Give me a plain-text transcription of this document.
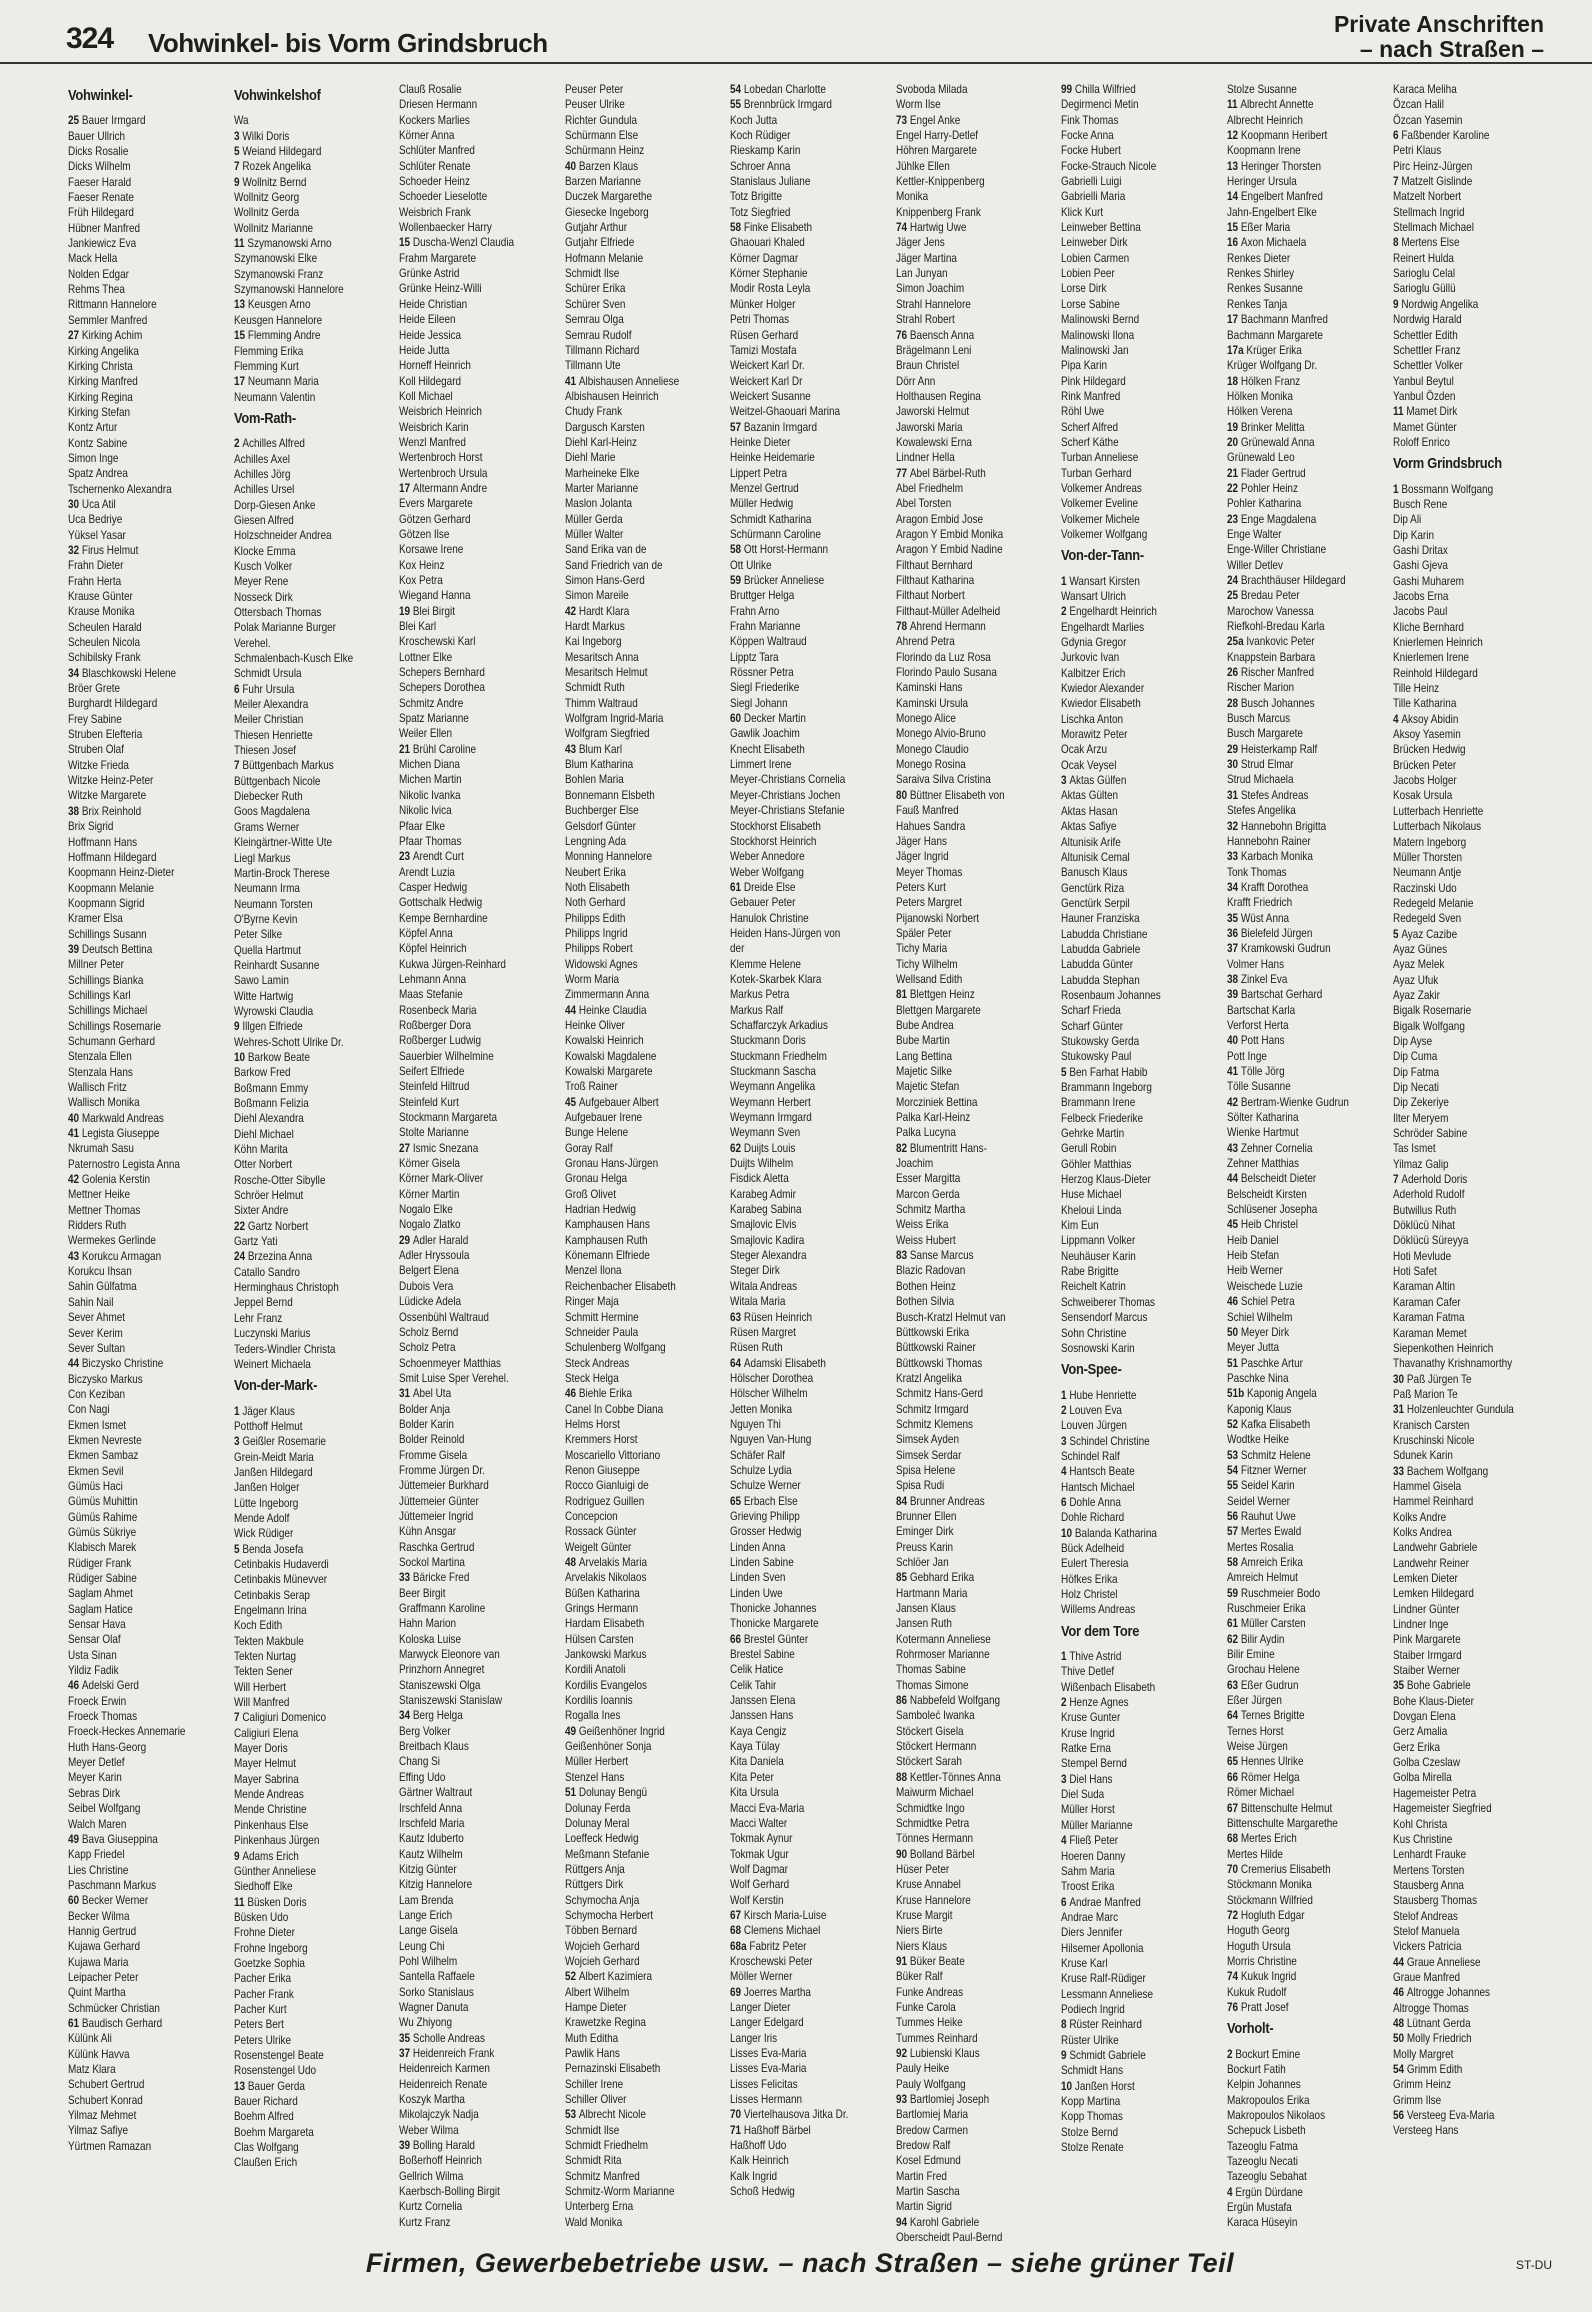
324 Vohwinkel- bis Vorm Grindsbruch
Private Anschriften
– nach Straßen –
Vohwinkel-
25 Bauer Irmgard
Bauer Ullrich
Dicks Rosalie
Dicks Wilhelm
Faeser Harald
Faeser Renate
Früh Hildegard
Hübner Manfred
Jankiewicz Eva
Mack Hella
Nolden Edgar
Rehms Thea
Rittmann Hannelore
Semmler Manfred
27 Kirking Achim
Kirking Angelika
Kirking Christa
Kirking Manfred
Kirking Regina
Kirking Stefan
Kontz Artur
Kontz Sabine
Simon Inge
Spatz Andrea
Tschernenko Alexandra
30 Uca Atil
Uca Bedriye
Yüksel Yasar
32 Firus Helmut
Frahn Dieter
Frahn Herta
Krause Günter
Krause Monika
Scheulen Harald
Scheulen Nicola
Schibilsky Frank
34 Blaschkowski Helene
Bröer Grete
Burghardt Hildegard
Frey Sabine
Struben Elefteria
Struben Olaf
Witzke Frieda
Witzke Heinz-Peter
Witzke Margarete
38 Brix Reinhold
Brix Sigrid
Hoffmann Hans
Hoffmann Hildegard
Koopmann Heinz-Dieter
Koopmann Melanie
Koopmann Sigrid
Kramer Elsa
Schillings Susann
39 Deutsch Bettina
Millner Peter
Schillings Bianka
Schillings Karl
Schillings Michael
Schillings Rosemarie
Schumann Gerhard
Stenzala Ellen
Stenzala Hans
Wallisch Fritz
Wallisch Monika
40 Markwald Andreas
41 Legista Giuseppe
Nkrumah Sasu
Paternostro Legista Anna
42 Golenia Kerstin
Mettner Heike
Mettner Thomas
Ridders Ruth
Wermekes Gerlinde
43 Korukcu Armagan
Korukcu Ihsan
Sahin Gülfatma
Sahin Nail
Sever Ahmet
Sever Kerim
Sever Sultan
44 Biczysko Christine
Biczysko Markus
Con Keziban
Con Nagi
Ekmen Ismet
Ekmen Nevreste
Ekmen Sambaz
Ekmen Sevil
Gümüs Haci
Gümüs Muhittin
Gümüs Rahime
Gümüs Sükriye
Klabisch Marek
Rüdiger Frank
Rüdiger Sabine
Saglam Ahmet
Saglam Hatice
Sensar Hava
Sensar Olaf
Usta Sinan
Yildiz Fadik
46 Adelski Gerd
Froeck Erwin
Froeck Thomas
Froeck-Heckes Annemarie
Huth Hans-Georg
Meyer Detlef
Meyer Karin
Sebras Dirk
Seibel Wolfgang
Walch Maren
49 Bava Giuseppina
Kapp Friedel
Lies Christine
Paschmann Markus
60 Becker Werner
Becker Wilma
Hannig Gertrud
Kujawa Gerhard
Kujawa Maria
Leipacher Peter
Quint Martha
Schmücker Christian
61 Baudisch Gerhard
Külünk Ali
Külünk Havva
Matz Klara
Schubert Gertrud
Schubert Konrad
Yilmaz Mehmet
Yilmaz Safiye
Yürtmen Ramazan
Vohwinkelshof
Wa
3 Wilki Doris
5 Weiand Hildegard
7 Rozek Angelika
9 Wollnitz Bernd
Wollnitz Georg
Wollnitz Gerda
Wollnitz Marianne
11 Szymanowski Arno
Szymanowski Elke
Szymanowski Franz
Szymanowski Hannelore
13 Keusgen Arno
Keusgen Hannelore
15 Flemming Andre
Flemming Erika
Flemming Kurt
17 Neumann Maria
Neumann Valentin
Vom-Rath-
2 Achilles Alfred
Achilles Axel
Achilles Jörg
Achilles Ursel
Dorp-Giesen Anke
Giesen Alfred
Holzschneider Andrea
Klocke Emma
Kusch Volker
Meyer Rene
Nosseck Dirk
Ottersbach Thomas
Polak Marianne Burger
Verehel.
Schmalenbach-Kusch Elke
Schmidt Ursula
6 Fuhr Ursula
Meiler Alexandra
Meiler Christian
Thiesen Henriette
Thiesen Josef
7 Büttgenbach Markus
Büttgenbach Nicole
Diebecker Ruth
Goos Magdalena
Grams Werner
Kleingärtner-Witte Ute
Liegl Markus
Martin-Brock Therese
Neumann Irma
Neumann Torsten
O'Byrne Kevin
Peter Silke
Quella Hartmut
Reinhardt Susanne
Sawo Lamin
Witte Hartwig
Wyrowski Claudia
9 Illgen Elfriede
Wehres-Schott Ulrike Dr.
10 Barkow Beate
Barkow Fred
Boßmann Emmy
Boßmann Felizia
Diehl Alexandra
Diehl Michael
Köhn Marita
Otter Norbert
Rosche-Otter Sibylle
Schröer Helmut
Sixter Andre
22 Gartz Norbert
Gartz Yati
24 Brzezina Anna
Catallo Sandro
Herminghaus Christoph
Jeppel Bernd
Lehr Franz
Luczynski Marius
Teders-Windler Christa
Weinert Michaela
Von-der-Mark-
1 Jäger Klaus
Potthoff Helmut
3 Geißler Rosemarie
Grein-Meidt Maria
Janßen Hildegard
Janßen Holger
Lütte Ingeborg
Mende Adolf
Wick Rüdiger
5 Benda Josefa
Cetinbakis Hudaverdi
Cetinbakis Münevver
Cetinbakis Serap
Engelmann Irina
Koch Edith
Tekten Makbule
Tekten Nurtag
Tekten Sener
Will Herbert
Will Manfred
7 Caligiuri Domenico
Caligiuri Elena
Mayer Doris
Mayer Helmut
Mayer Sabrina
Mende Andreas
Mende Christine
Pinkenhaus Else
Pinkenhaus Jürgen
9 Adams Erich
Günther Anneliese
Siedhoff Elke
11 Büsken Doris
Büsken Udo
Frohne Dieter
Frohne Ingeborg
Goetzke Sophia
Pacher Erika
Pacher Frank
Pacher Kurt
Peters Bert
Peters Ulrike
Rosenstengel Beate
Rosenstengel Udo
13 Bauer Gerda
Bauer Richard
Boehm Alfred
Boehm Margareta
Clas Wolfgang
Claußen Erich
Clauß Rosalie
Driesen Hermann
Kockers Marlies
Körner Anna
Schlüter Manfred
Schlüter Renate
Schoeder Heinz
Schoeder Lieselotte
Weisbrich Frank
Wollenbaecker Harry
15 Duscha-Wenzl Claudia
Frahm Margarete
Grünke Astrid
Grünke Heinz-Willi
Heide Christian
Heide Eileen
Heide Jessica
Heide Jutta
Horneff Heinrich
Koll Hildegard
Koll Michael
Weisbrich Heinrich
Weisbrich Karin
Wenzl Manfred
Wertenbroch Horst
Wertenbroch Ursula
17 Altermann Andre
Evers Margarete
Götzen Gerhard
Götzen Ilse
Korsawe Irene
Kox Heinz
Kox Petra
Wiegand Hanna
19 Blei Birgit
Blei Karl
Kroschewski Karl
Lottner Elke
Schepers Bernhard
Schepers Dorothea
Schmitz Andre
Spatz Marianne
Weiler Ellen
21 Brühl Caroline
Michen Diana
Michen Martin
Nikolic Ivanka
Nikolic Ivica
Pfaar Elke
Pfaar Thomas
23 Arendt Curt
Arendt Luzia
Casper Hedwig
Gottschalk Hedwig
Kempe Bernhardine
Köpfel Anna
Köpfel Heinrich
Kukwa Jürgen-Reinhard
Lehmann Anna
Maas Stefanie
Rosenbeck Maria
Roßberger Dora
Roßberger Ludwig
Sauerbier Wilhelmine
Seifert Elfriede
Steinfeld Hiltrud
Steinfeld Kurt
Stockmann Margareta
Stolte Marianne
27 Ismic Snezana
Körner Gisela
Körner Mark-Oliver
Körner Martin
Nogalo Elke
Nogalo Zlatko
29 Adler Harald
Adler Hryssoula
Belgert Elena
Dubois Vera
Lüdicke Adela
Ossenbühl Waltraud
Scholz Bernd
Scholz Petra
Schoenmeyer Matthias
Smit Luise Sper Verehel.
31 Abel Uta
Bolder Anja
Bolder Karin
Bolder Reinold
Fromme Gisela
Fromme Jürgen Dr.
Jüttemeier Burkhard
Jüttemeier Günter
Jüttemeier Ingrid
Kühn Ansgar
Raschka Gertrud
Sockol Martina
33 Bäricke Fred
Beer Birgit
Graffmann Karoline
Hahn Marion
Koloska Luise
Marwyck Eleonore van
Prinzhorn Annegret
Staniszewski Olga
Staniszewski Stanislaw
34 Berg Helga
Berg Volker
Breitbach Klaus
Chang Si
Effing Udo
Gärtner Waltraut
Irschfeld Anna
Irschfeld Maria
Kautz Iduberto
Kautz Wilhelm
Kitzig Günter
Kitzig Hannelore
Lam Brenda
Lange Erich
Lange Gisela
Leung Chi
Pohl Wilhelm
Santella Raffaele
Sorko Stanislaus
Wagner Danuta
Wu Zhiyong
35 Scholle Andreas
37 Heidenreich Frank
Heidenreich Karmen
Heidenreich Renate
Koszyk Martha
Mikolajczyk Nadja
Weber Wilma
39 Bolling Harald
Boßerhoff Heinrich
Gellrich Wilma
Kaerbsch-Bolling Birgit
Kurtz Cornelia
Kurtz Franz
Peuser Peter
Peuser Ulrike
Richter Gundula
Schürmann Else
Schürmann Heinz
40 Barzen Klaus
Barzen Marianne
Duczek Margarethe
Giesecke Ingeborg
Gutjahr Arthur
Gutjahr Elfriede
Hofmann Melanie
Schmidt Ilse
Schürer Erika
Schürer Sven
Semrau Olga
Semrau Rudolf
Tillmann Richard
Tillmann Ute
41 Albishausen Anneliese
Albishausen Heinrich
Chudy Frank
Dargusch Karsten
Diehl Karl-Heinz
Diehl Marie
Marheineke Elke
Marter Marianne
Maslon Jolanta
Müller Gerda
Müller Walter
Sand Erika van de
Sand Friedrich van de
Simon Hans-Gerd
Simon Mareile
42 Hardt Klara
Hardt Markus
Kai Ingeborg
Mesaritsch Anna
Mesaritsch Helmut
Schmidt Ruth
Thimm Waltraud
Wolfgram Ingrid-Maria
Wolfgram Siegfried
43 Blum Karl
Blum Katharina
Bohlen Maria
Bonnemann Elsbeth
Buchberger Else
Gelsdorf Günter
Lengning Ada
Monning Hannelore
Neubert Erika
Noth Elisabeth
Noth Gerhard
Philipps Edith
Philipps Ingrid
Philipps Robert
Widowski Agnes
Worm Maria
Zimmermann Anna
44 Heinke Claudia
Heinke Oliver
Kowalski Heinrich
Kowalski Magdalene
Kowalski Margarete
Troß Rainer
45 Aufgebauer Albert
Aufgebauer Irene
Bunge Helene
Goray Ralf
Gronau Hans-Jürgen
Gronau Helga
Groß Olivet
Hadrian Hedwig
Kamphausen Hans
Kamphausen Ruth
Könemann Elfriede
Menzel Ilona
Reichenbacher Elisabeth
Ringer Maja
Schmitt Hermine
Schneider Paula
Schulenberg Wolfgang
Steck Andreas
Steck Helga
46 Biehle Erika
Canel In Cobbe Diana
Helms Horst
Kremmers Horst
Moscariello Vittoriano
Renon Giuseppe
Rocco Gianluigi de
Rodriguez Guillen
Concepcion
Rossack Günter
Weigelt Günter
48 Arvelakis Maria
Arvelakis Nikolaos
Büßen Katharina
Grings Hermann
Hardam Elisabeth
Hülsen Carsten
Jankowski Markus
Kordili Anatoli
Kordilis Evangelos
Kordilis Ioannis
Rogalla Ines
49 Geißenhöner Ingrid
Geißenhöner Sonja
Müller Herbert
Stenzel Hans
51 Dolunay Bengü
Dolunay Ferda
Dolunay Meral
Loeffeck Hedwig
Meßmann Stefanie
Rüttgers Anja
Rüttgers Dirk
Schymocha Anja
Schymocha Herbert
Többen Bernard
Wojcieh Gerhard
Wojcieh Gerhard
52 Albert Kazimiera
Albert Wilhelm
Hampe Dieter
Krawetzke Regina
Muth Editha
Pawlik Hans
Pernazinski Elisabeth
Schiller Irene
Schiller Oliver
53 Albrecht Nicole
Schmidt Ilse
Schmidt Friedhelm
Schmidt Rita
Schmitz Manfred
Schmitz-Worm Marianne
Unterberg Erna
Wald Monika
54 Lobedan Charlotte
55 Brennbrück Irmgard
Koch Jutta
Koch Rüdiger
Rieskamp Karin
Schroer Anna
Stanislaus Juliane
Totz Brigitte
Totz Siegfried
58 Finke Elisabeth
Ghaouari Khaled
Körner Dagmar
Körner Stephanie
Modir Rosta Leyla
Münker Holger
Petri Thomas
Rüsen Gerhard
Tamizi Mostafa
Weickert Karl Dr.
Weickert Karl Dr
Weickert Susanne
Weitzel-Ghaouari Marina
57 Bazanin Irmgard
Heinke Dieter
Heinke Heidemarie
Lippert Petra
Menzel Gertrud
Müller Hedwig
Schmidt Katharina
Schürmann Caroline
58 Ott Horst-Hermann
Ott Ulrike
59 Brücker Anneliese
Bruttger Helga
Frahn Arno
Frahn Marianne
Köppen Waltraud
Lipptz Tara
Rössner Petra
Siegl Friederike
Siegl Johann
60 Decker Martin
Gawlik Joachim
Knecht Elisabeth
Limmert Irene
Meyer-Christians Cornelia
Meyer-Christians Jochen
Meyer-Christians Stefanie
Stockhorst Elisabeth
Stockhorst Heinrich
Weber Annedore
Weber Wolfgang
61 Dreide Else
Gebauer Peter
Hanulok Christine
Heiden Hans-Jürgen von
der
Klemme Helene
Kotek-Skarbek Klara
Markus Petra
Markus Ralf
Schaffarczyk Arkadius
Stuckmann Doris
Stuckmann Friedhelm
Stuckmann Sascha
Weymann Angelika
Weymann Herbert
Weymann Irmgard
Weymann Sven
62 Duijts Louis
Duijts Wilhelm
Fisdick Aletta
Karabeg Admir
Karabeg Sabina
Smajlovic Elvis
Smajlovic Kadira
Steger Alexandra
Steger Dirk
Witala Andreas
Witala Maria
63 Rüsen Heinrich
Rüsen Margret
Rüsen Ruth
64 Adamski Elisabeth
Hölscher Dorothea
Hölscher Wilhelm
Jetten Monika
Nguyen Thi
Nguyen Van-Hung
Schäfer Ralf
Schulze Lydia
Schulze Werner
65 Erbach Else
Grieving Philipp
Grosser Hedwig
Linden Anna
Linden Sabine
Linden Sven
Linden Uwe
Thonicke Johannes
Thonicke Margarete
66 Brestel Günter
Brestel Sabine
Celik Hatice
Celik Tahir
Janssen Elena
Janssen Hans
Kaya Cengiz
Kaya Tülay
Kita Daniela
Kita Peter
Kita Ursula
Macci Eva-Maria
Macci Walter
Tokmak Aynur
Tokmak Ugur
Wolf Dagmar
Wolf Gerhard
Wolf Kerstin
67 Kirsch Maria-Luise
68 Clemens Michael
68a Fabritz Peter
Kroschewski Peter
Möller Werner
69 Joerres Martha
Langer Dieter
Langer Edelgard
Langer Iris
Lisses Eva-Maria
Lisses Eva-Maria
Lisses Felicitas
Lisses Hermann
70 Viertelhausova Jitka Dr.
71 Haßhoff Bärbel
Haßhoff Udo
Kalk Heinrich
Kalk Ingrid
Schoß Hedwig
Svoboda Milada
Worm Ilse
73 Engel Anke
Engel Harry-Detlef
Höhren Margarete
Jühlke Ellen
Kettler-Knippenberg
Monika
Knippenberg Frank
74 Hartwig Uwe
Jäger Jens
Jäger Martina
Lan Junyan
Simon Joachim
Strahl Hannelore
Strahl Robert
76 Baensch Anna
Brägelmann Leni
Braun Christel
Dörr Ann
Holthausen Regina
Jaworski Helmut
Jaworski Maria
Kowalewski Erna
Lindner Hella
77 Abel Bärbel-Ruth
Abel Friedhelm
Abel Torsten
Aragon Embid Jose
Aragon Y Embid Monika
Aragon Y Embid Nadine
Filthaut Bernhard
Filthaut Katharina
Filthaut Norbert
Filthaut-Müller Adelheid
78 Ahrend Hermann
Ahrend Petra
Florindo da Luz Rosa
Florindo Paulo Susana
Kaminski Hans
Kaminski Ursula
Monego Alice
Monego Alvio-Bruno
Monego Claudio
Monego Rosina
Saraiva Silva Cristina
80 Büttner Elisabeth von
Fauß Manfred
Hahues Sandra
Jäger Hans
Jäger Ingrid
Meyer Thomas
Peters Kurt
Peters Margret
Pijanowski Norbert
Späler Peter
Tichy Maria
Tichy Wilhelm
Wellsand Edith
81 Blettgen Heinz
Blettgen Margarete
Bube Andrea
Bube Martin
Lang Bettina
Majetic Silke
Majetic Stefan
Morcziniek Bettina
Palka Karl-Heinz
Palka Lucyna
82 Blumentritt Hans-
Joachim
Esser Margitta
Marcon Gerda
Schmitz Martha
Weiss Erika
Weiss Hubert
83 Sanse Marcus
Blazic Radovan
Bothen Heinz
Bothen Silvia
Busch-Kratzl Helmut van
Büttkowski Erika
Büttkowski Rainer
Büttkowski Thomas
Kratzl Angelika
Schmitz Hans-Gerd
Schmitz Irmgard
Schmitz Klemens
Simsek Ayden
Simsek Serdar
Spisa Helene
Spisa Rudi
84 Brunner Andreas
Brunner Ellen
Eminger Dirk
Preuss Karin
Schlöer Jan
85 Gebhard Erika
Hartmann Maria
Jansen Klaus
Jansen Ruth
Kotermann Anneliese
Rohrmoser Marianne
Thomas Sabine
Thomas Simone
86 Nabbefeld Wolfgang
Samboleć Iwanka
Stöckert Gisela
Stöckert Hermann
Stöckert Sarah
88 Kettler-Tönnes Anna
Maiwurm Michael
Schmidtke Ingo
Schmidtke Petra
Tönnes Hermann
90 Bolland Bärbel
Hüser Peter
Kruse Annabel
Kruse Hannelore
Kruse Margit
Niers Birte
Niers Klaus
91 Büker Beate
Büker Ralf
Funke Andreas
Funke Carola
Tummes Heike
Tummes Reinhard
92 Lubienski Klaus
Pauly Heike
Pauly Wolfgang
93 Bartlomiej Joseph
Bartlomiej Maria
Bredow Carmen
Bredow Ralf
Kosel Edmund
Martin Fred
Martin Sascha
Martin Sigrid
94 Karohl Gabriele
Oberscheidt Paul-Bernd
99 Chilla Wilfried
Degirmenci Metin
Fink Thomas
Focke Anna
Focke Hubert
Focke-Strauch Nicole
Gabrielli Luigi
Gabrielli Maria
Klick Kurt
Leinweber Bettina
Leinweber Dirk
Lobien Carmen
Lobien Peer
Lorse Dirk
Lorse Sabine
Malinowski Bernd
Malinowski Ilona
Malinowski Jan
Pipa Karin
Pink Hildegard
Rink Manfred
Röhl Uwe
Scherf Alfred
Scherf Käthe
Turban Anneliese
Turban Gerhard
Volkemer Andreas
Volkemer Eveline
Volkemer Michele
Volkemer Wolfgang
Von-der-Tann-
1 Wansart Kirsten
Wansart Ulrich
2 Engelhardt Heinrich
Engelhardt Marlies
Gdynia Gregor
Jurkovic Ivan
Kalbitzer Erich
Kwiedor Alexander
Kwiedor Elisabeth
Lischka Anton
Morawitz Peter
Ocak Arzu
Ocak Veysel
3 Aktas Gülfen
Aktas Gülten
Aktas Hasan
Aktas Safiye
Altunisik Arife
Altunisik Cemal
Banusch Klaus
Genctürk Riza
Genctürk Serpil
Hauner Franziska
Labudda Christiane
Labudda Gabriele
Labudda Günter
Labudda Stephan
Rosenbaum Johannes
Scharf Frieda
Scharf Günter
Stukowsky Gerda
Stukowsky Paul
5 Ben Farhat Habib
Brammann Ingeborg
Brammann Irene
Felbeck Friederike
Gehrke Martin
Gerull Robin
Göhler Matthias
Herzog Klaus-Dieter
Huse Michael
Kheloui Linda
Kim Eun
Lippmann Volker
Neuhäuser Karin
Rabe Brigitte
Reichelt Katrin
Schweiberer Thomas
Sensendorf Marcus
Sohn Christine
Sosnowski Karin
Von-Spee-
1 Hube Henriette
2 Louven Eva
Louven Jürgen
3 Schindel Christine
Schindel Ralf
4 Hantsch Beate
Hantsch Michael
6 Dohle Anna
Dohle Richard
10 Balanda Katharina
Bück Adelheid
Eulert Theresia
Höfkes Erika
Holz Christel
Willems Andreas
Vor dem Tore
1 Thive Astrid
Thive Detlef
Wißenbach Elisabeth
2 Henze Agnes
Kruse Gunter
Kruse Ingrid
Ratke Erna
Stempel Bernd
3 Diel Hans
Diel Suda
Müller Horst
Müller Marianne
4 Fließ Peter
Hoeren Danny
Sahm Maria
Troost Erika
6 Andrae Manfred
Andrae Marc
Diers Jennifer
Hilsemer Apollonia
Kruse Karl
Kruse Ralf-Rüdiger
Lessmann Anneliese
Podiech Ingrid
8 Rüster Reinhard
Rüster Ulrike
9 Schmidt Gabriele
Schmidt Hans
10 Janßen Horst
Kopp Martina
Kopp Thomas
Stolze Bernd
Stolze Renate
Stolze Susanne
11 Albrecht Annette
Albrecht Heinrich
12 Koopmann Heribert
Koopmann Irene
13 Heringer Thorsten
Heringer Ursula
14 Engelbert Manfred
Jahn-Engelbert Elke
15 Eßer Maria
16 Axon Michaela
Renkes Dieter
Renkes Shirley
Renkes Susanne
Renkes Tanja
17 Bachmann Manfred
Bachmann Margarete
17a Krüger Erika
Krüger Wolfgang Dr.
18 Hölken Franz
Hölken Monika
Hölken Verena
19 Brinker Melitta
20 Grünewald Anna
Grünewald Leo
21 Flader Gertrud
22 Pohler Heinz
Pohler Katharina
23 Enge Magdalena
Enge Walter
Enge-Willer Christiane
Willer Detlev
24 Brachthäuser Hildegard
25 Bredau Peter
Marochow Vanessa
Riefkohl-Bredau Karla
25a Ivankovic Peter
Knappstein Barbara
26 Rischer Manfred
Rischer Marion
28 Busch Johannes
Busch Marcus
Busch Margarete
29 Heisterkamp Ralf
30 Strud Elmar
Strud Michaela
31 Stefes Andreas
Stefes Angelika
32 Hannebohn Brigitta
Hannebohn Rainer
33 Karbach Monika
Tonk Thomas
34 Krafft Dorothea
Krafft Friedrich
35 Wüst Anna
36 Bielefeld Jürgen
37 Kramkowski Gudrun
Volmer Hans
38 Zinkel Eva
39 Bartschat Gerhard
Bartschat Karla
Verforst Herta
40 Pott Hans
Pott Inge
41 Tölle Jörg
Tölle Susanne
42 Bertram-Wienke Gudrun
Sölter Katharina
Wienke Hartmut
43 Zehner Cornelia
Zehner Matthias
44 Belscheidt Dieter
Belscheidt Kirsten
Schlüsener Josepha
45 Heib Christel
Heib Daniel
Heib Stefan
Heib Werner
Weischede Luzie
46 Schiel Petra
Schiel Wilhelm
50 Meyer Dirk
Meyer Jutta
51 Paschke Artur
Paschke Nina
51b Kaponig Angela
Kaponig Klaus
52 Kafka Elisabeth
Wodtke Heike
53 Schmitz Helene
54 Fitzner Werner
55 Seidel Karin
Seidel Werner
56 Rauhut Uwe
57 Mertes Ewald
Mertes Rosalia
58 Amreich Erika
Amreich Helmut
59 Ruschmeier Bodo
Ruschmeier Erika
61 Müller Carsten
62 Bilir Aydin
Bilir Emine
Grochau Helene
63 Eßer Gudrun
Eßer Jürgen
64 Ternes Brigitte
Ternes Horst
Weise Jürgen
65 Hennes Ulrike
66 Römer Helga
Römer Michael
67 Bittenschulte Helmut
Bittenschulte Margarethe
68 Mertes Erich
Mertes Hilde
70 Cremerius Elisabeth
Stöckmann Monika
Stöckmann Wilfried
72 Hogluth Edgar
Hoguth Georg
Hoguth Ursula
Morris Christine
74 Kukuk Ingrid
Kukuk Rudolf
76 Pratt Josef
Vorholt-
2 Bockurt Emine
Bockurt Fatih
Kelpin Johannes
Makropoulos Erika
Makropoulos Nikolaos
Schepuck Lisbeth
Tazeoglu Fatma
Tazeoglu Necati
Tazeoglu Sebahat
4 Ergün Dürdane
Ergün Mustafa
Karaca Hüseyin
Karaca Meliha
Özcan Halil
Özcan Yasemin
6 Faßbender Karoline
Petri Klaus
Pirc Heinz-Jürgen
7 Matzelt Gislinde
Matzelt Norbert
Stellmach Ingrid
Stellmach Michael
8 Mertens Else
Reinert Hulda
Sarioglu Celal
Sarioglu Güllü
9 Nordwig Angelika
Nordwig Harald
Schettler Edith
Schettler Franz
Schettler Volker
Yanbul Beytul
Yanbul Özden
11 Mamet Dirk
Mamet Günter
Roloff Enrico
Vorm Grindsbruch
1 Bossmann Wolfgang
Busch Rene
Dip Ali
Dip Karin
Gashi Dritax
Gashi Gjeva
Gashi Muharem
Jacobs Erna
Jacobs Paul
Kliche Bernhard
Knierlemen Heinrich
Knierlemen Irene
Reinhold Hildegard
Tille Heinz
Tille Katharina
4 Aksoy Abidin
Aksoy Yasemin
Brücken Hedwig
Brücken Peter
Jacobs Holger
Kosak Ursula
Lutterbach Henriette
Lutterbach Nikolaus
Matern Ingeborg
Müller Thorsten
Neumann Antje
Raczinski Udo
Redegeld Melanie
Redegeld Sven
5 Ayaz Cazibe
Ayaz Günes
Ayaz Melek
Ayaz Ufuk
Ayaz Zakir
Bigalk Rosemarie
Bigalk Wolfgang
Dip Ayse
Dip Cuma
Dip Fatma
Dip Necati
Dip Zekeriye
Ilter Meryem
Schröder Sabine
Tas Ismet
Yilmaz Galip
7 Aderhold Doris
Aderhold Rudolf
Butwillus Ruth
Döklücü Nihat
Döklücü Süreyya
Hoti Mevlude
Hoti Safet
Karaman Altin
Karaman Cafer
Karaman Fatma
Karaman Memet
Siepenkothen Heinrich
Thavanathy Krishnamorthy
30 Paß Jürgen Te
Paß Marion Te
31 Holzenleuchter Gundula
Kranisch Carsten
Kruschinski Nicole
Sdunek Karin
33 Bachem Wolfgang
Hammel Gisela
Hammel Reinhard
Kolks Andre
Kolks Andrea
Landwehr Gabriele
Landwehr Reiner
Lemken Dieter
Lemken Hildegard
Lindner Günter
Lindner Inge
Pink Margarete
Staiber Irmgard
Staiber Werner
35 Bohe Gabriele
Bohe Klaus-Dieter
Dovgan Elena
Gerz Amalia
Gerz Erika
Golba Czeslaw
Golba Mirella
Hagemeister Petra
Hagemeister Siegfried
Kohl Christa
Kus Christine
Lenhardt Frauke
Mertens Torsten
Stausberg Anna
Stausberg Thomas
Stelof Andreas
Stelof Manuela
Vickers Patricia
44 Graue Anneliese
Graue Manfred
46 Altrogge Johannes
Altrogge Thomas
48 Lütnant Gerda
50 Molly Friedrich
Molly Margret
54 Grimm Edith
Grimm Heinz
Grimm Ilse
56 Versteeg Eva-Maria
Versteeg Hans
Firmen, Gewerbebetriebe usw. – nach Straßen – siehe grüner Teil	ST-DU
